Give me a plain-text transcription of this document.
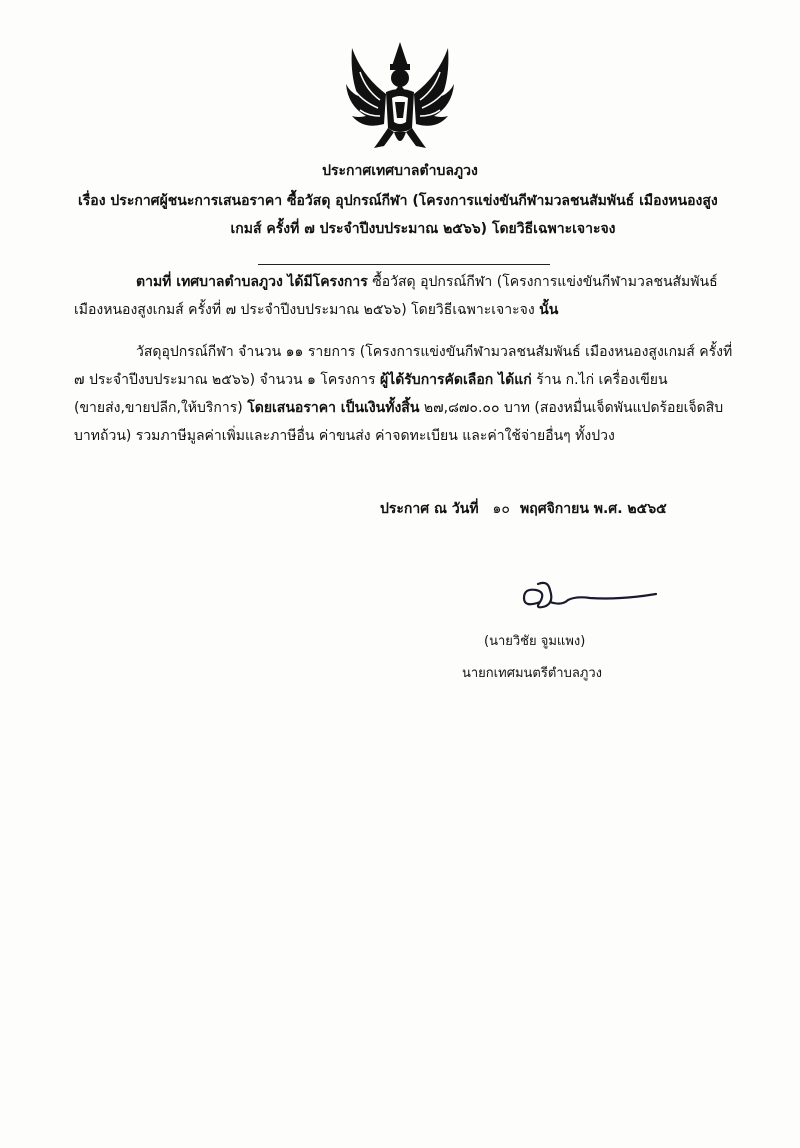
ประกาศเทศบาลตำบลภูวง
เรื่อง ประกาศผู้ชนะการเสนอราคา ซื้อวัสดุ อุปกรณ์กีฬา (โครงการแข่งขันกีฬามวลชนสัมพันธ์ เมืองหนองสูง
เกมส์ ครั้งที่ ๗ ประจำปีงบประมาณ ๒๕๖๖) โดยวิธีเฉพาะเจาะจง
ตามที่ เทศบาลตำบลภูวง ได้มีโครงการ ซื้อวัสดุ อุปกรณ์กีฬา (โครงการแข่งขันกีฬามวลชนสัมพันธ์ เมืองหนองสูงเกมส์ ครั้งที่ ๗ ประจำปีงบประมาณ ๒๕๖๖) โดยวิธีเฉพาะเจาะจง นั้น
วัสดุอุปกรณ์กีฬา จำนวน ๑๑ รายการ (โครงการแข่งขันกีฬามวลชนสัมพันธ์ เมืองหนองสูงเกมส์ ครั้งที่ ๗ ประจำปีงบประมาณ ๒๕๖๖) จำนวน ๑ โครงการ ผู้ได้รับการคัดเลือก ได้แก่ ร้าน ก.ไก่ เครื่องเขียน (ขายส่ง,ขายปลีก,ให้บริการ) โดยเสนอราคา เป็นเงินทั้งสิ้น ๒๗,๘๗๐.๐๐ บาท (สองหมื่นเจ็ดพันแปดร้อยเจ็ดสิบบาทถ้วน) รวมภาษีมูลค่าเพิ่มและภาษีอื่น ค่าขนส่ง ค่าจดทะเบียน และค่าใช้จ่ายอื่นๆ ทั้งปวง
ประกาศ ณ วันที่ ๑๐ พฤศจิกายน พ.ศ. ๒๕๖๕
(นายวิชัย จูมแพง)
นายกเทศมนตรีตำบลภูวง
